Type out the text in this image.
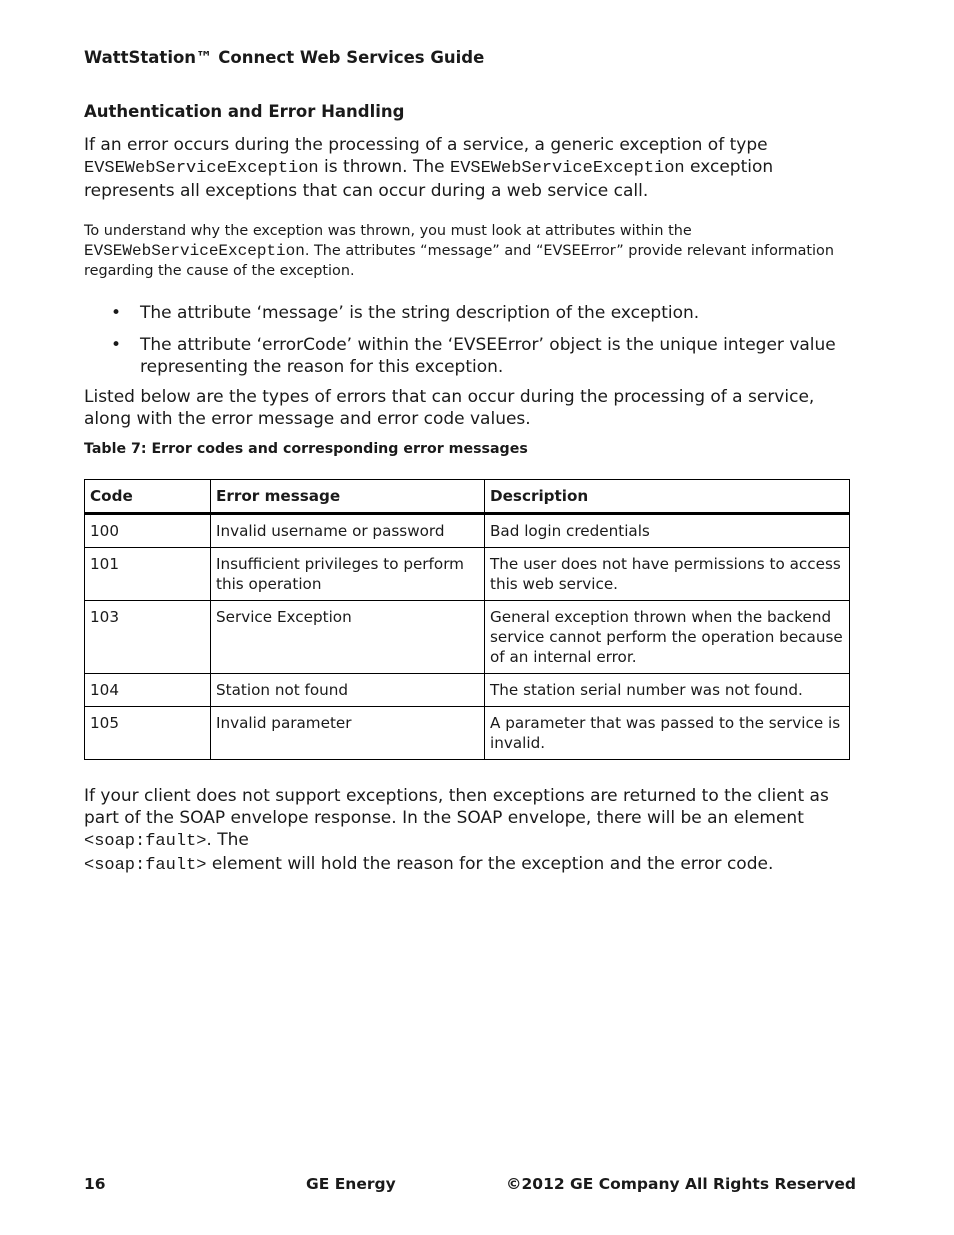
WattStation™ Connect Web Services Guide
Authentication and Error Handling
If an error occurs during the processing of a service, a generic exception of type
EVSEWebServiceException is thrown. The EVSEWebServiceException exception represents all exceptions that can occur during a web service call.
To understand why the exception was thrown, you must look at attributes within the
EVSEWebServiceException. The attributes “message” and “EVSEError” provide relevant information regarding the cause of the exception.
• The attribute ‘message’ is the string description of the exception.
• The attribute ‘errorCode’ within the ‘EVSEError’ object is the unique integer value representing the reason for this exception.
Listed below are the types of errors that can occur during the processing of a service, along with the error message and error code values.
Table 7: Error codes and corresponding error messages
Code	Error message	Description
100	Invalid username or password	Bad login credentials
101	Insufficient privileges to perform this operation	The user does not have permissions to access this web service.
103	Service Exception	General exception thrown when the backend service cannot perform the operation because of an internal error.
104	Station not found	The station serial number was not found.
105	Invalid parameter	A parameter that was passed to the service is invalid.
If your client does not support exceptions, then exceptions are returned to the client as part of the SOAP envelope response. In the SOAP envelope, there will be an element <soap:fault>. The
<soap:fault> element will hold the reason for the exception and the error code.
16	GE Energy	©2012 GE Company All Rights Reserved
